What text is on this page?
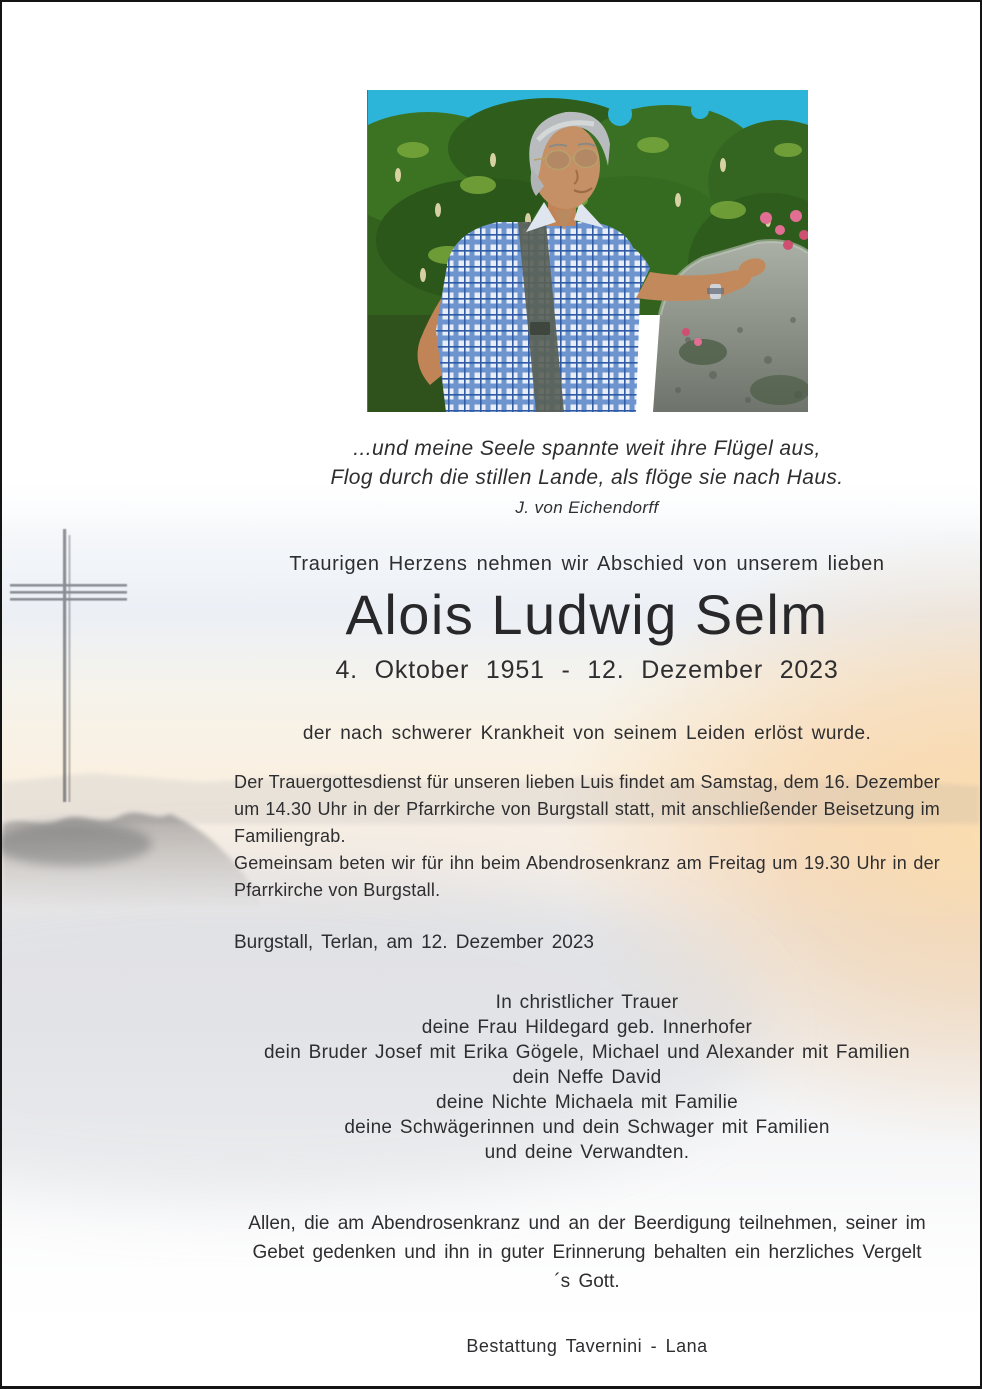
...und meine Seele spannte weit ihre Flügel aus,
Flog durch die stillen Lande, als flöge sie nach Haus.
J. von Eichendorff
Traurigen Herzens nehmen wir Abschied von unserem lieben
Alois Ludwig Selm
4. Oktober 1951 - 12. Dezember 2023
der nach schwerer Krankheit von seinem Leiden erlöst wurde.

Der Trauergottesdienst für unseren lieben Luis findet am Samstag, dem 16. Dezember um 14.30 Uhr in der Pfarrkirche von Burgstall statt, mit anschließender Beisetzung im Familiengrab.

Gemeinsam beten wir für ihn beim Abendrosenkranz am Freitag um 19.30 Uhr in der Pfarrkirche von Burgstall.

Burgstall, Terlan, am 12. Dezember 2023
In christlicher Trauer
deine Frau Hildegard geb. Innerhofer
dein Bruder Josef mit Erika Gögele, Michael und Alexander mit Familien
dein Neffe David
deine Nichte Michaela mit Familie
deine Schwägerinnen und dein Schwager mit Familien
und deine Verwandten.
Allen, die am Abendrosenkranz und an der Beerdigung teilnehmen, seiner im Gebet gedenken und ihn in guter Erinnerung behalten ein herzliches Vergelt´s Gott.
Bestattung Tavernini - Lana
